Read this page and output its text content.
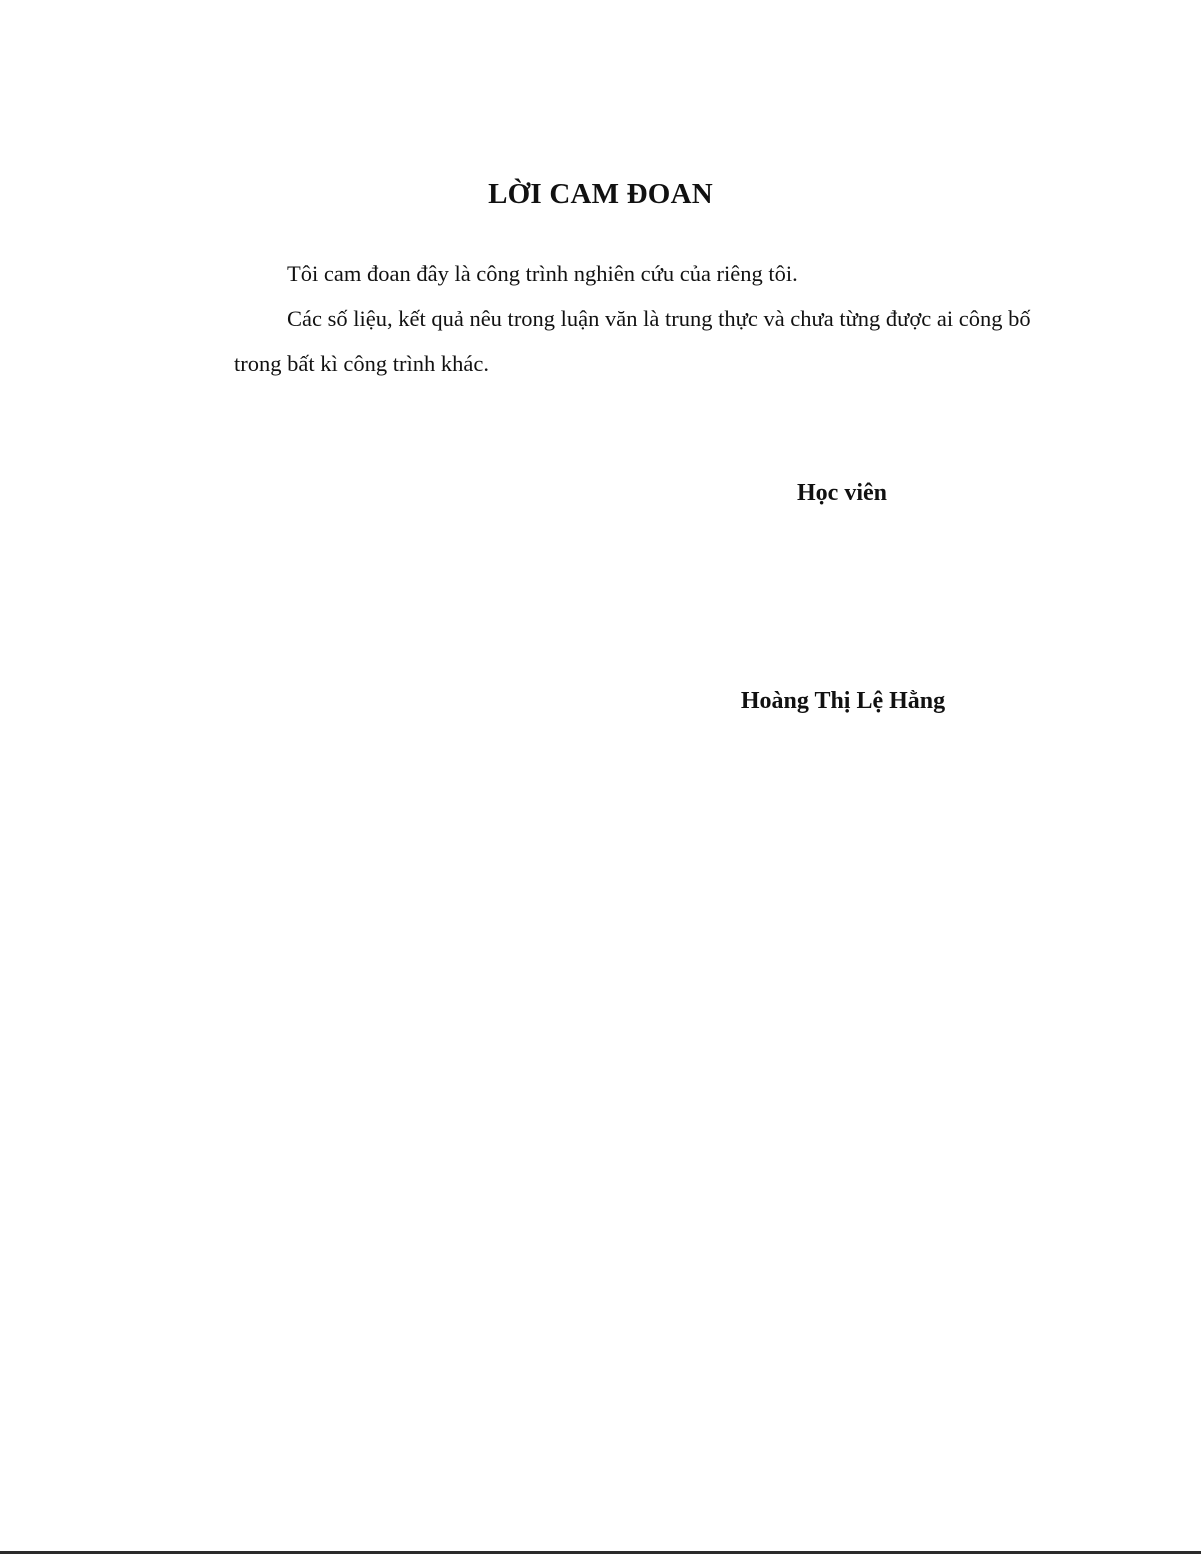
LỜI CAM ĐOAN

Tôi cam đoan đây là công trình nghiên cứu của riêng tôi.

Các số liệu, kết quả nêu trong luận văn là trung thực và chưa từng được ai công bố trong bất kì công trình khác.

Học viên

Hoàng Thị Lệ Hằng
